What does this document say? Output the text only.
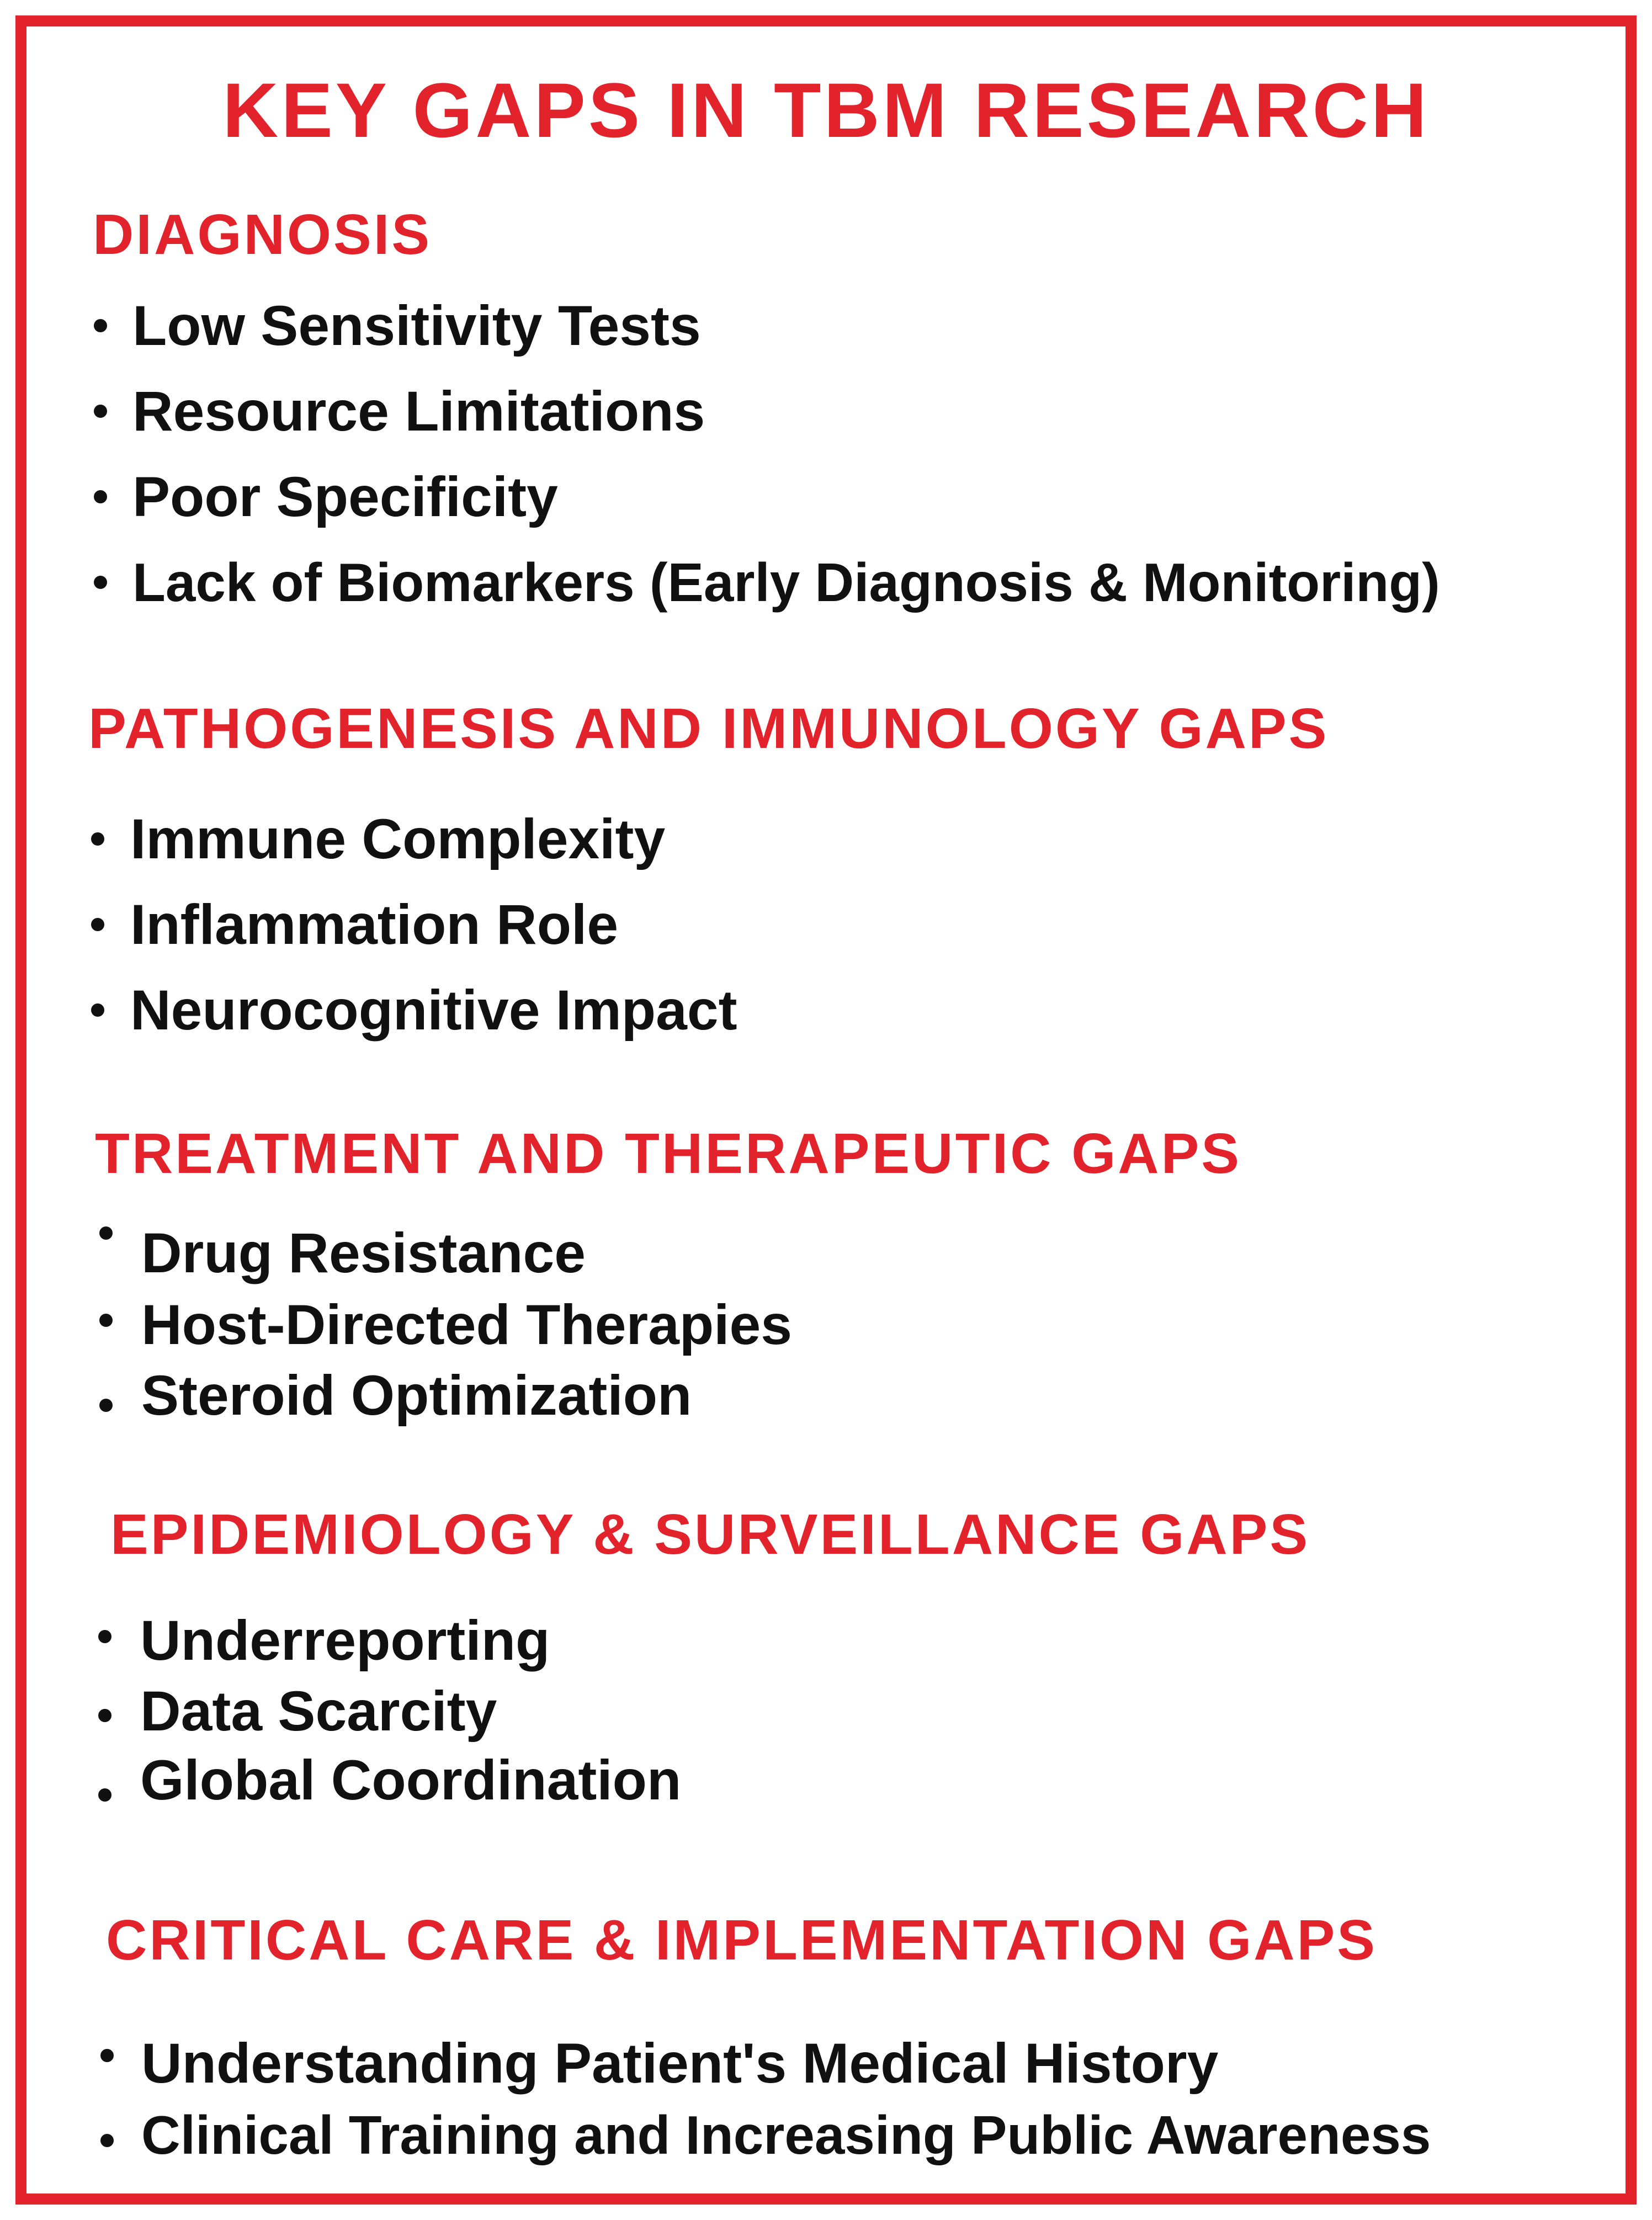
KEY GAPS IN TBM RESEARCH
DIAGNOSIS
Low Sensitivity Tests
Resource Limitations
Poor Specificity
Lack of Biomarkers (Early Diagnosis & Monitoring)
PATHOGENESIS AND IMMUNOLOGY GAPS
Immune Complexity
Inflammation Role
Neurocognitive Impact
TREATMENT AND THERAPEUTIC GAPS
Drug Resistance
Host-Directed Therapies
Steroid Optimization
EPIDEMIOLOGY & SURVEILLANCE GAPS
Underreporting
Data Scarcity
Global Coordination
CRITICAL CARE & IMPLEMENTATION GAPS
Understanding Patient's Medical History
Clinical Training and Increasing Public Awareness
